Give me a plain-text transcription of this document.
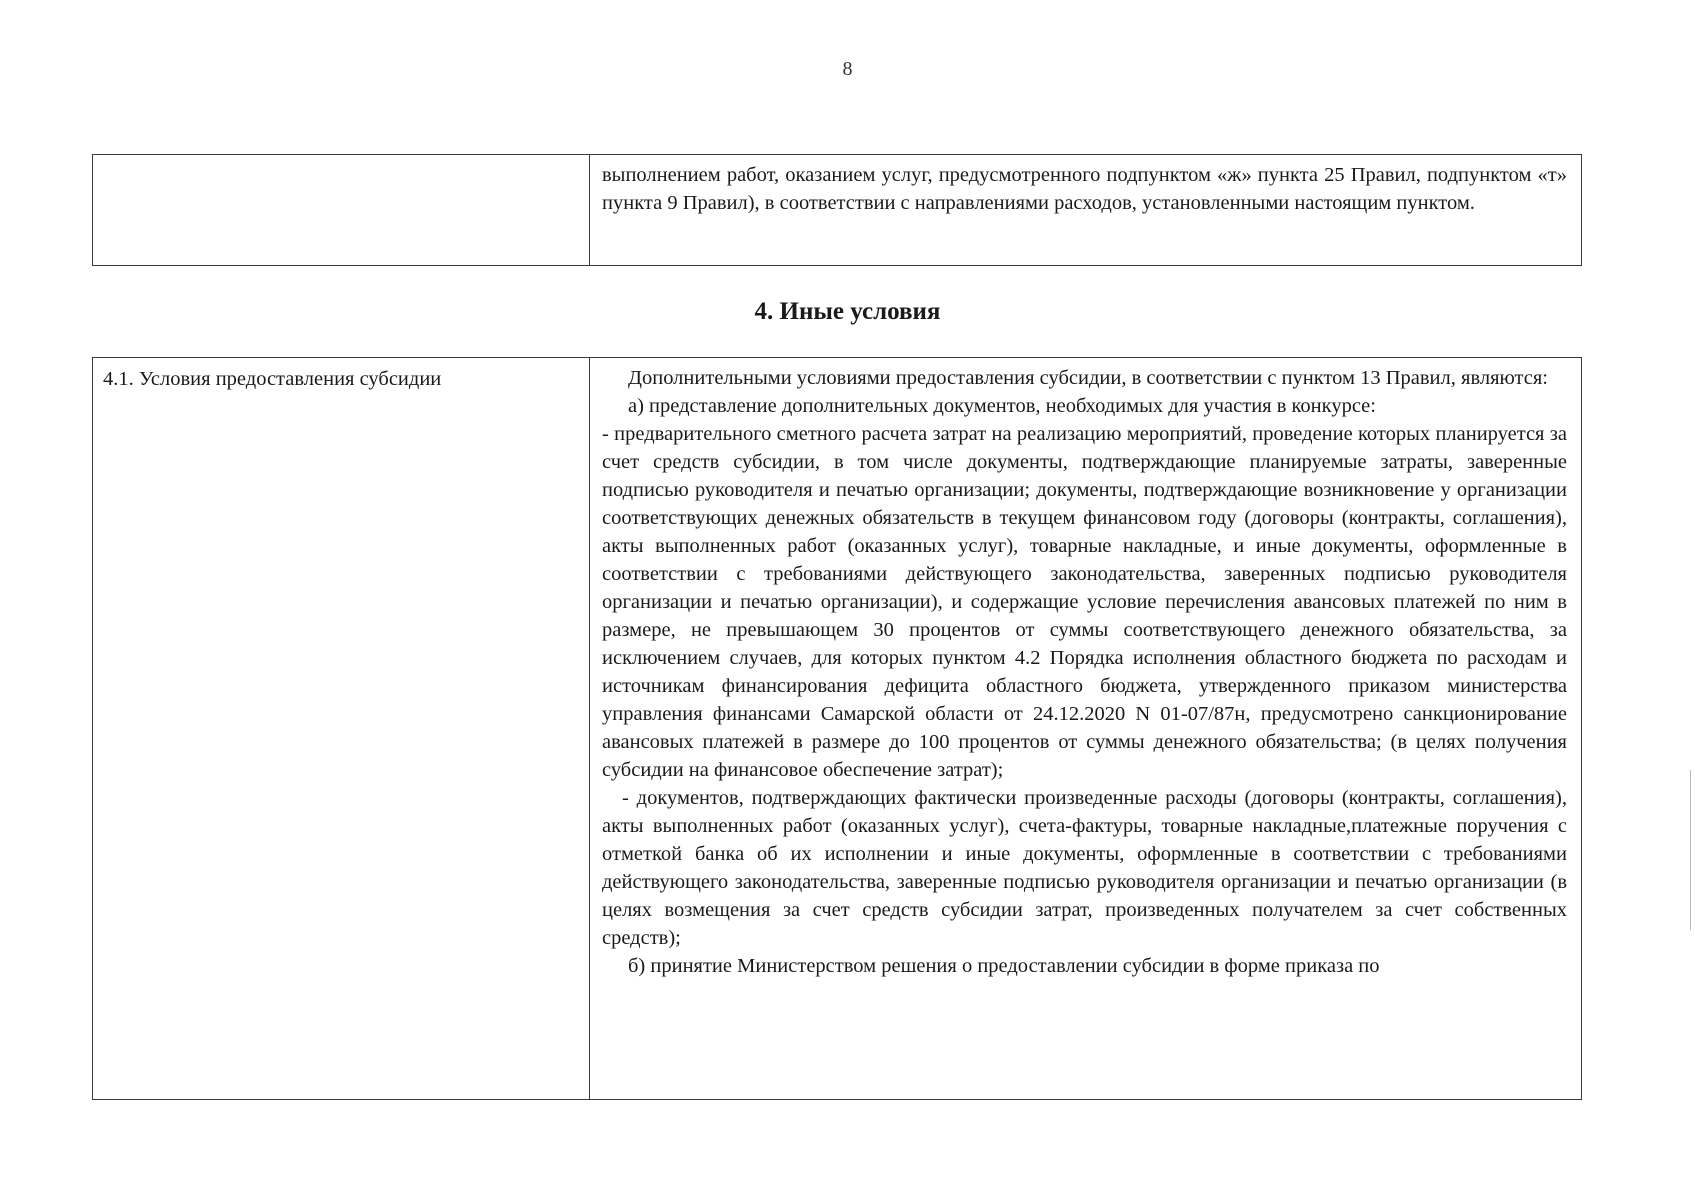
8
	выполнением работ, оказанием услуг, предусмотренного подпунктом «ж» пункта 25 Правил, подпунктом «т» пункта 9 Правил), в соответствии с направлениями расходов, установленными настоящим пунктом.
4. Иные условия
4.1. Условия предоставления субсидии	Дополнительными условиями предоставления субсидии, в соответствии с пунктом 13 Правил, являются:

а) представление дополнительных документов, необходимых для участия в конкурсе:

- предварительного сметного расчета затрат на реализацию мероприятий, проведение которых планируется за счет средств субсидии, в том числе документы, подтверждающие планируемые затраты, заверенные подписью руководителя и печатью организации; документы, подтверждающие возникновение у организации соответствующих денежных обязательств в текущем финансовом году (договоры (контракты, соглашения), акты выполненных работ (оказанных услуг), товарные накладные, и иные документы, оформленные в соответствии с требованиями действующего законодательства, заверенных подписью руководителя организации и печатью организации), и содержащие условие перечисления авансовых платежей по ним в размере, не превышающем 30 процентов от суммы соответствующего денежного обязательства, за исключением случаев, для которых пунктом 4.2 Порядка исполнения областного бюджета по расходам и источникам финансирования дефицита областного бюджета, утвержденного приказом министерства управления финансами Самарской области от 24.12.2020 N 01-07/87н, предусмотрено санкционирование авансовых платежей в размере до 100 процентов от суммы денежного обязательства; (в целях получения субсидии на финансовое обеспечение затрат);

- документов, подтверждающих фактически произведенные расходы (договоры (контракты, соглашения), акты выполненных работ (оказанных услуг), счета-фактуры, товарные накладные,платежные поручения с отметкой банка об их исполнении и иные документы, оформленные в соответствии с требованиями действующего законодательства, заверенные подписью руководителя организации и печатью организации (в целях возмещения за счет средств субсидии затрат, произведенных получателем за счет собственных средств);

б) принятие Министерством решения о предоставлении субсидии в форме приказа по
